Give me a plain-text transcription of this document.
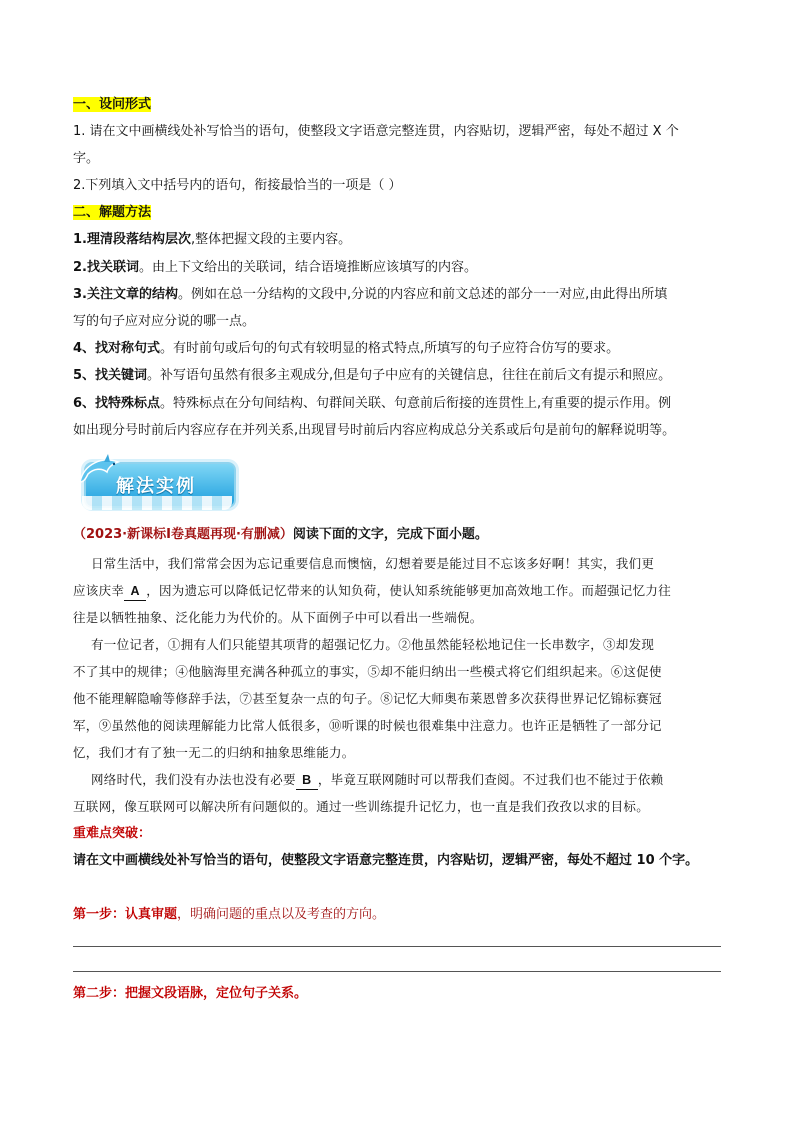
一、设问形式
1. 请在文中画横线处补写恰当的语句，使整段文字语意完整连贯，内容贴切，逻辑严密，每处不超过 X 个
字。
2.下列填入文中括号内的语句，衔接最恰当的一项是（ ）
二、解题方法
1.理清段落结构层次,整体把握文段的主要内容。
2.找关联词。由上下文给出的关联词，结合语境推断应该填写的内容。
3.关注文章的结构。例如在总一分结构的文段中,分说的内容应和前文总述的部分一一对应,由此得出所填
写的句子应对应分说的哪一点。
4、找对称句式。有时前句或后句的句式有较明显的格式特点,所填写的句子应符合仿写的要求。
5、找关键词。补写语句虽然有很多主观成分,但是句子中应有的关键信息，往往在前后文有提示和照应。
6、找特殊标点。特殊标点在分句间结构、句群间关联、句意前后衔接的连贯性上,有重要的提示作用。例
如出现分号时前后内容应存在并列关系,出现冒号时前后内容应构成总分关系或后句是前句的解释说明等。
解法实例
（2023·新课标Ⅰ卷真题再现·有删减）阅读下面的文字，完成下面小题。
日常生活中，我们常常会因为忘记重要信息而懊恼，幻想着要是能过目不忘该多好啊！其实，我们更
应该庆幸 A ，因为遗忘可以降低记忆带来的认知负荷，使认知系统能够更加高效地工作。而超强记忆力往
往是以牺牲抽象、泛化能力为代价的。从下面例子中可以看出一些端倪。
有一位记者，①拥有人们只能望其项背的超强记忆力。②他虽然能轻松地记住一长串数字，③却发现
不了其中的规律；④他脑海里充满各种孤立的事实，⑤却不能归纳出一些模式将它们组织起来。⑥这促使
他不能理解隐喻等修辞手法，⑦甚至复杂一点的句子。⑧记忆大师奥布莱恩曾多次获得世界记忆锦标赛冠
军，⑨虽然他的阅读理解能力比常人低很多，⑩听课的时候也很难集中注意力。也许正是牺牲了一部分记
忆，我们才有了独一无二的归纳和抽象思维能力。
网络时代，我们没有办法也没有必要 B ，毕竟互联网随时可以帮我们查阅。不过我们也不能过于依赖
互联网，像互联网可以解决所有问题似的。通过一些训练提升记忆力，也一直是我们孜孜以求的目标。
重难点突破：
请在文中画横线处补写恰当的语句，使整段文字语意完整连贯，内容贴切，逻辑严密，每处不超过 10 个字。
第一步：认真审题，明确问题的重点以及考查的方向。
第二步：把握文段语脉，定位句子关系。
